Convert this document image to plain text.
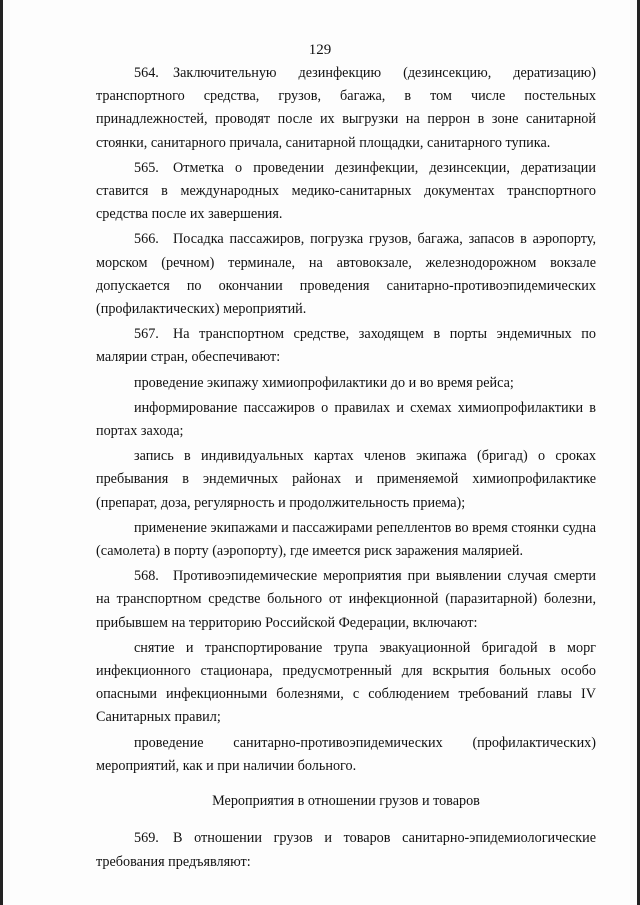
129

564. Заключительную дезинфекцию (дезинсекцию, дератизацию) транспортного средства, грузов, багажа, в том числе постельных принадлежностей, проводят после их выгрузки на перрон в зоне санитарной стоянки, санитарного причала, санитарной площадки, санитарного тупика.

565. Отметка о проведении дезинфекции, дезинсекции, дератизации ставится в международных медико-санитарных документах транспортного средства после их завершения.

566. Посадка пассажиров, погрузка грузов, багажа, запасов в аэропорту, морском (речном) терминале, на автовокзале, железнодорожном вокзале допускается по окончании проведения санитарно-противоэпидемических (профилактических) мероприятий.

567. На транспортном средстве, заходящем в порты эндемичных по малярии стран, обеспечивают:

проведение экипажу химиопрофилактики до и во время рейса;

информирование пассажиров о правилах и схемах химиопрофилактики в портах захода;

запись в индивидуальных картах членов экипажа (бригад) о сроках пребывания в эндемичных районах и применяемой химиопрофилактике (препарат, доза, регулярность и продолжительность приема);

применение экипажами и пассажирами репеллентов во время стоянки судна (самолета) в порту (аэропорту), где имеется риск заражения малярией.

568. Противоэпидемические мероприятия при выявлении случая смерти на транспортном средстве больного от инфекционной (паразитарной) болезни, прибывшем на территорию Российской Федерации, включают:

снятие и транспортирование трупа эвакуационной бригадой в морг инфекционного стационара, предусмотренный для вскрытия больных особо опасными инфекционными болезнями, с соблюдением требований главы IV Санитарных правил;

проведение санитарно-противоэпидемических (профилактических) мероприятий, как и при наличии больного.

Мероприятия в отношении грузов и товаров

569. В отношении грузов и товаров санитарно-эпидемиологические требования предъявляют:
